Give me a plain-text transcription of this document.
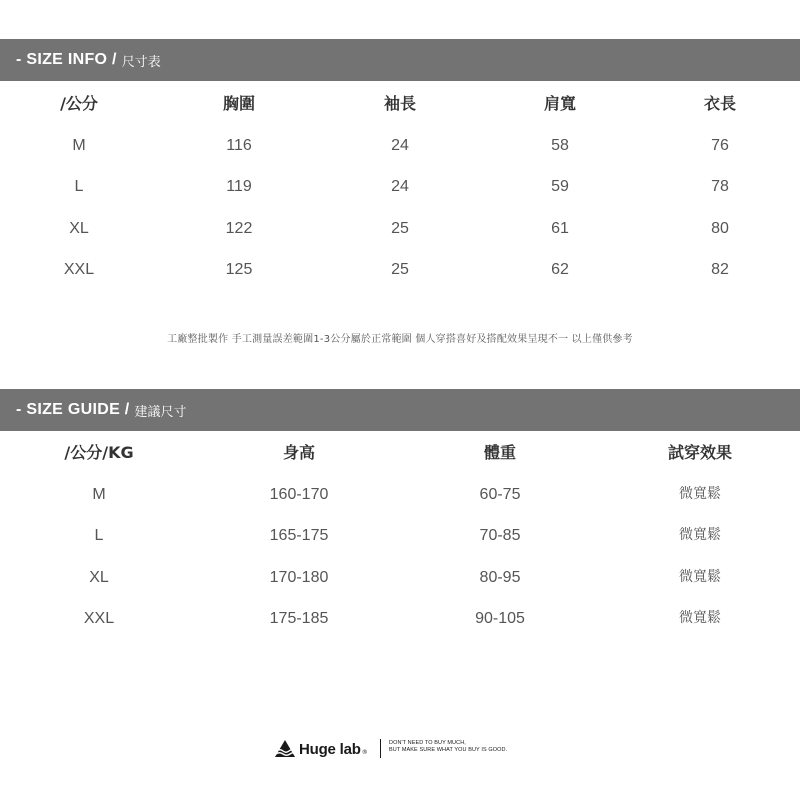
- SIZE INFO / 尺寸表
/公分	胸圍	袖長	肩寬	衣長
M	116	24	58	76
L	119	24	59	78
XL	122	25	61	80
XXL	125	25	62	82
工廠整批製作 手工測量誤差範圍1-3公分屬於正常範圍 個人穿搭喜好及搭配效果呈現不一 以上僅供參考
- SIZE GUIDE / 建議尺寸
/公分/KG	身高	體重	試穿效果
M	160-170	60-75	微寬鬆
L	165-175	70-85	微寬鬆
XL	170-180	80-95	微寬鬆
XXL	175-185	90-105	微寬鬆
Huge lab ®
DON'T NEED TO BUY MUCH,
BUT MAKE SURE WHAT YOU BUY IS GOOD.
